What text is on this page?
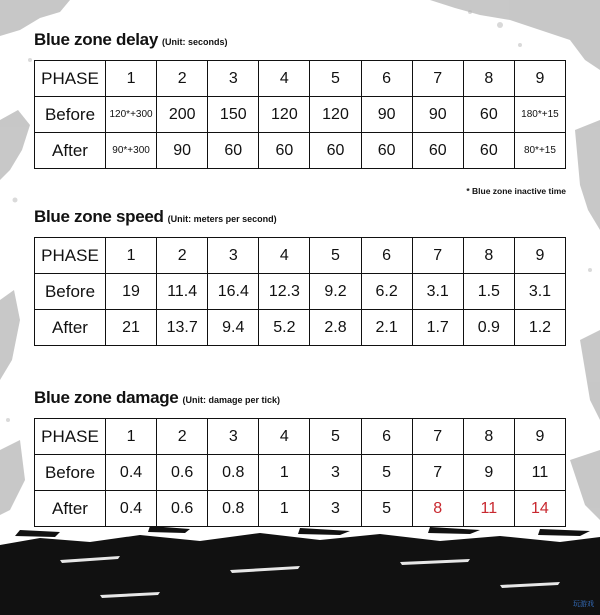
Blue zone delay (Unit: seconds)
PHASE	1	2	3	4	5	6	7	8	9
Before	120*+300	200	150	120	120	90	90	60	180*+15
After	90*+300	90	60	60	60	60	60	60	80*+15
* Blue zone inactive time
Blue zone speed (Unit: meters per second)
PHASE	1	2	3	4	5	6	7	8	9
Before	19	11.4	16.4	12.3	9.2	6.2	3.1	1.5	3.1
After	21	13.7	9.4	5.2	2.8	2.1	1.7	0.9	1.2
Blue zone damage (Unit: damage per tick)
PHASE	1	2	3	4	5	6	7	8	9
Before	0.4	0.6	0.8	1	3	5	7	9	11
After	0.4	0.6	0.8	1	3	5	8	11	14
玩游戏
